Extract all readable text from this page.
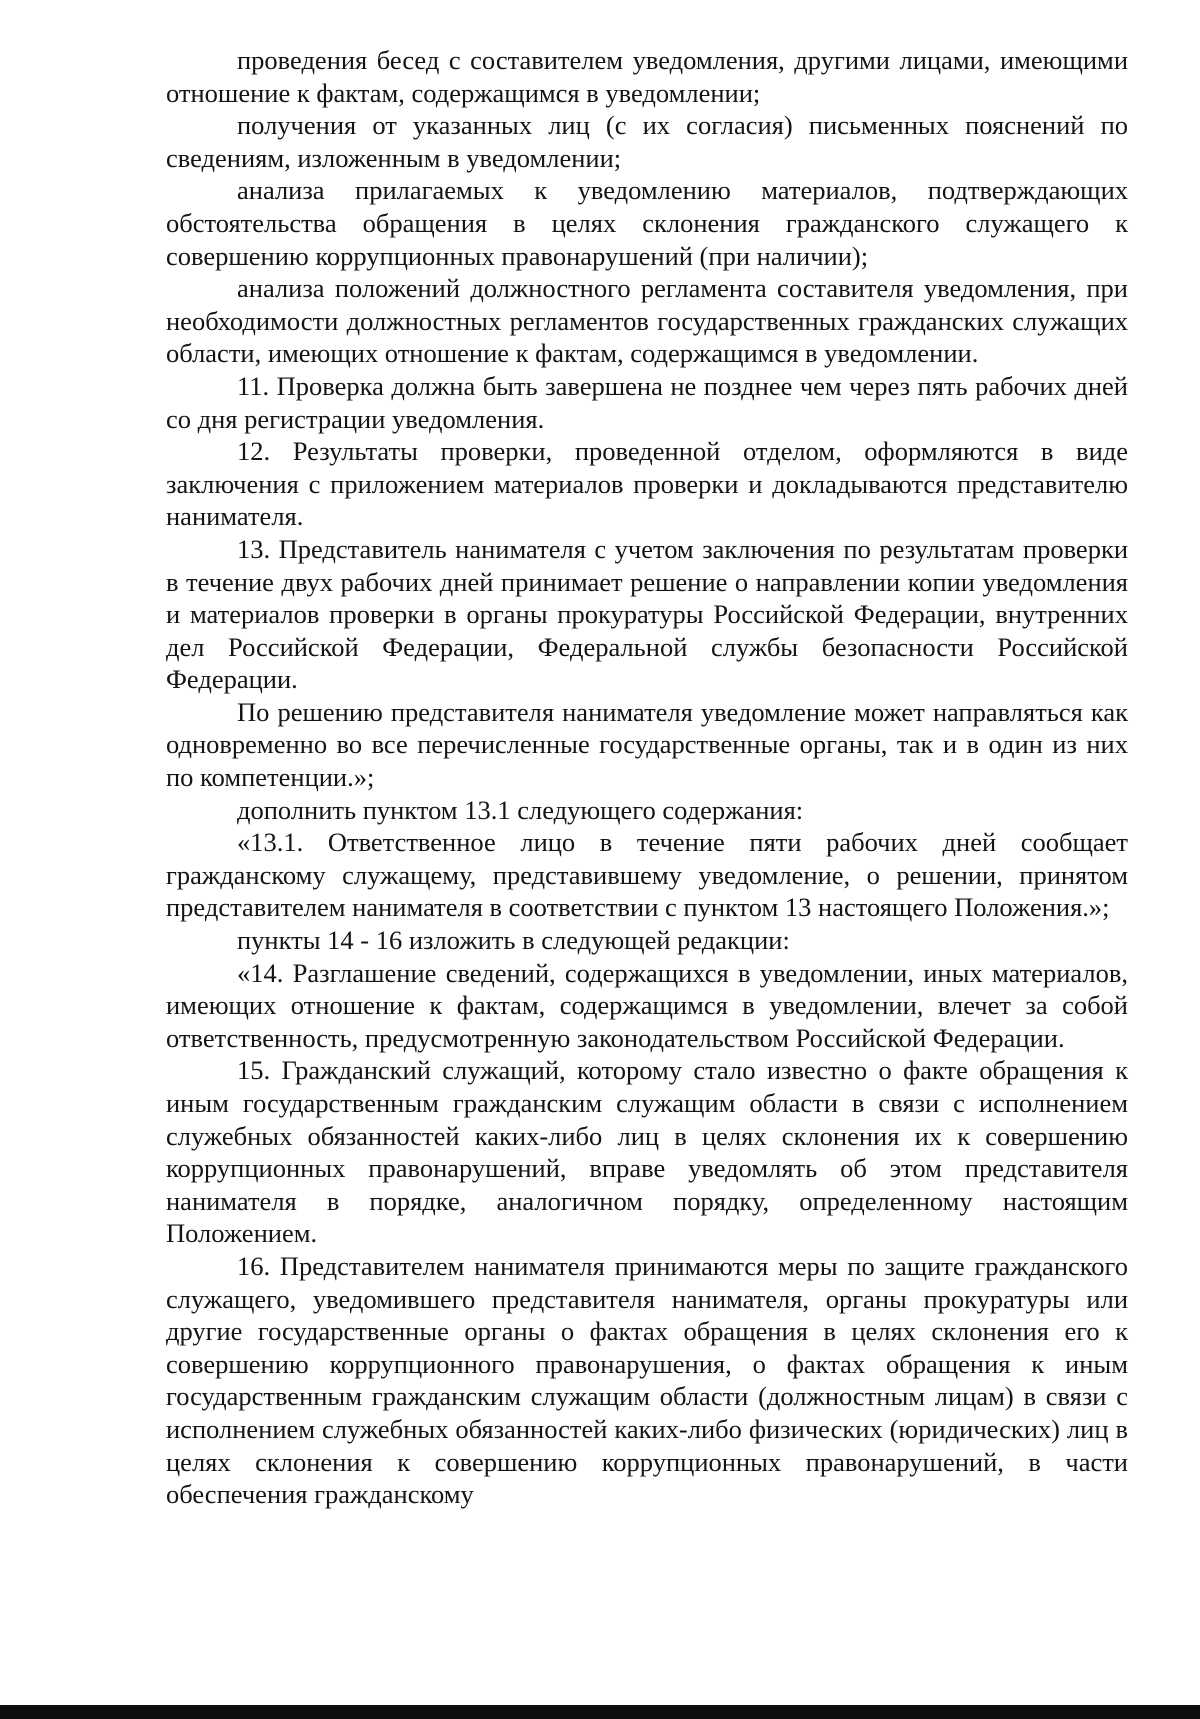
проведения бесед с составителем уведомления, другими лицами, имеющими отношение к фактам, содержащимся в уведомлении;

получения от указанных лиц (с их согласия) письменных пояснений по сведениям, изложенным в уведомлении;

анализа прилагаемых к уведомлению материалов, подтверждающих обстоятельства обращения в целях склонения гражданского служащего к совершению коррупционных правонарушений (при наличии);

анализа положений должностного регламента составителя уведомления, при необходимости должностных регламентов государственных гражданских служащих области, имеющих отношение к фактам, содержащимся в уведомлении.

11. Проверка должна быть завершена не позднее чем через пять рабочих дней со дня регистрации уведомления.

12. Результаты проверки, проведенной отделом, оформляются в виде заключения с приложением материалов проверки и докладываются представителю нанимателя.

13. Представитель нанимателя с учетом заключения по результатам проверки в течение двух рабочих дней принимает решение о направлении копии уведомления и материалов проверки в органы прокуратуры Российской Федерации, внутренних дел Российской Федерации, Федеральной службы безопасности Российской Федерации.

По решению представителя нанимателя уведомление может направляться как одновременно во все перечисленные государственные органы, так и в один из них по компетенции.»;

дополнить пунктом 13.1 следующего содержания:

«13.1. Ответственное лицо в течение пяти рабочих дней сообщает гражданскому служащему, представившему уведомление, о решении, принятом представителем нанимателя в соответствии с пунктом 13 настоящего Положения.»;

пункты 14 - 16 изложить в следующей редакции:

«14. Разглашение сведений, содержащихся в уведомлении, иных материалов, имеющих отношение к фактам, содержащимся в уведомлении, влечет за собой ответственность, предусмотренную законодательством Российской Федерации.

15. Гражданский служащий, которому стало известно о факте обращения к иным государственным гражданским служащим области в связи с исполнением служебных обязанностей каких-либо лиц в целях склонения их к совершению коррупционных правонарушений, вправе уведомлять об этом представителя нанимателя в порядке, аналогичном порядку, определенному настоящим Положением.

16. Представителем нанимателя принимаются меры по защите гражданского служащего, уведомившего представителя нанимателя, органы прокуратуры или другие государственные органы о фактах обращения в целях склонения его к совершению коррупционного правонарушения, о фактах обращения к иным государственным гражданским служащим области (должностным лицам) в связи с исполнением служебных обязанностей каких-либо физических (юридических) лиц в целях склонения к совершению коррупционных правонарушений, в части обеспечения гражданскому
